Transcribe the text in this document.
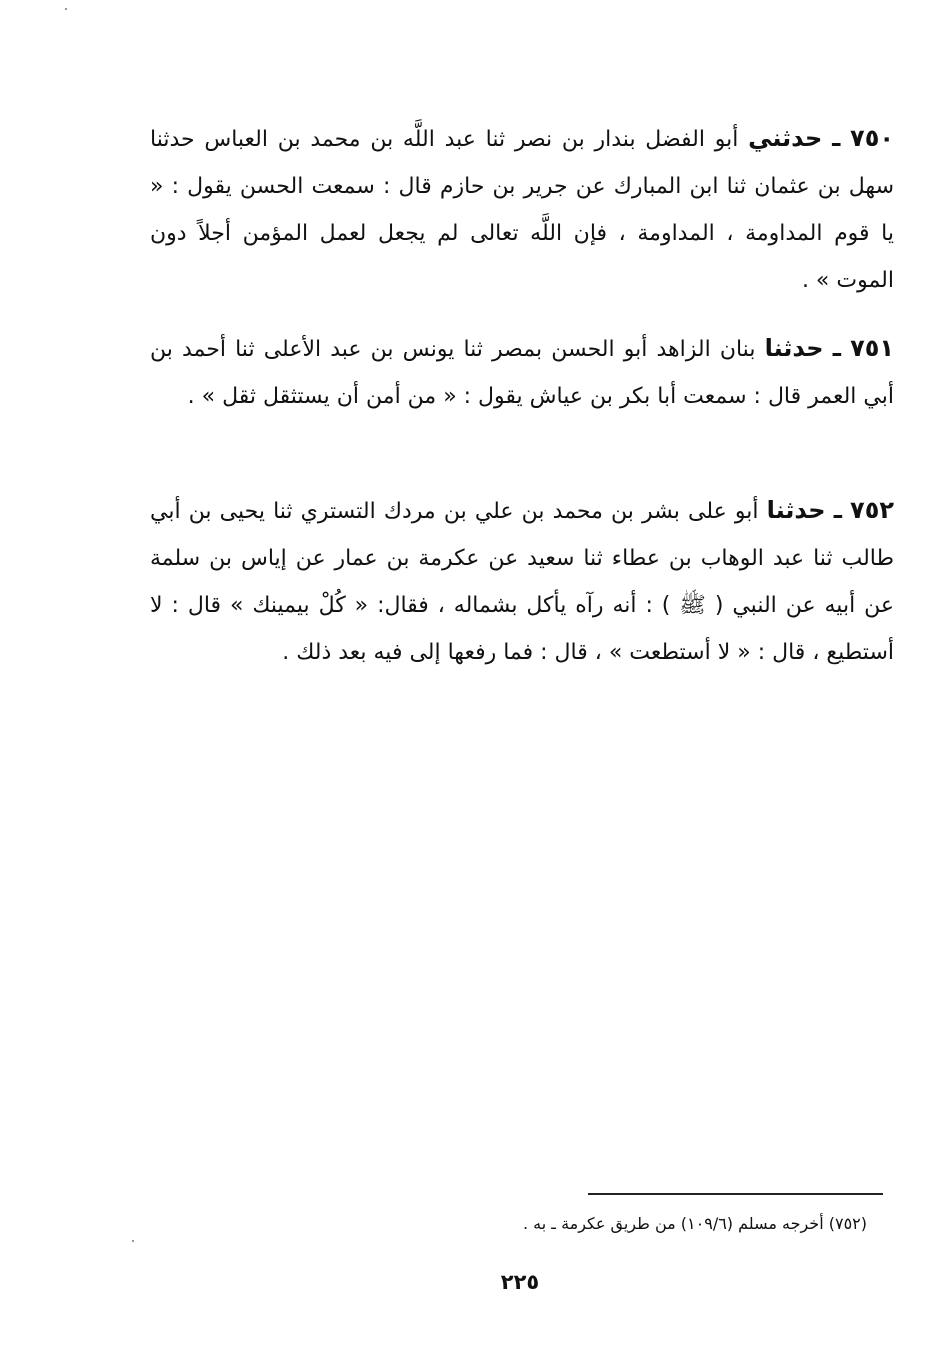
٧٥٠ ـ حدثني أبو الفضل بندار بن نصر ثنا عبد اللَّه بن محمد بن العباس حدثنا سهل بن عثمان ثنا ابن المبارك عن جرير بن حازم قال : سمعت الحسن يقول : « يا قوم المداومة ، المداومة ، فإن اللَّه تعالى لم يجعل لعمل المؤمن أجلاً دون الموت » .

٧٥١ ـ حدثنا بنان الزاهد أبو الحسن بمصر ثنا يونس بن عبد الأعلى ثنا أحمد بن أبي العمر قال : سمعت أبا بكر بن عياش يقول : « من أمن أن يستثقل ثقل » .

٧٥٢ ـ حدثنا أبو على بشر بن محمد بن علي بن مردك التستري ثنا يحيى بن أبي طالب ثنا عبد الوهاب بن عطاء ثنا سعيد عن عكرمة بن عمار عن إياس بن سلمة عن أبيه عن النبي ( ﷺ ) : أنه رآه يأكل بشماله ، فقال: « كُلْ بيمينك » قال : لا أستطيع ، قال : « لا أستطعت » ، قال : فما رفعها إلى فيه بعد ذلك .

(٧٥٢) أخرجه مسلم (١٠٩/٦) من طريق عكرمة ـ به .
٢٢٥
